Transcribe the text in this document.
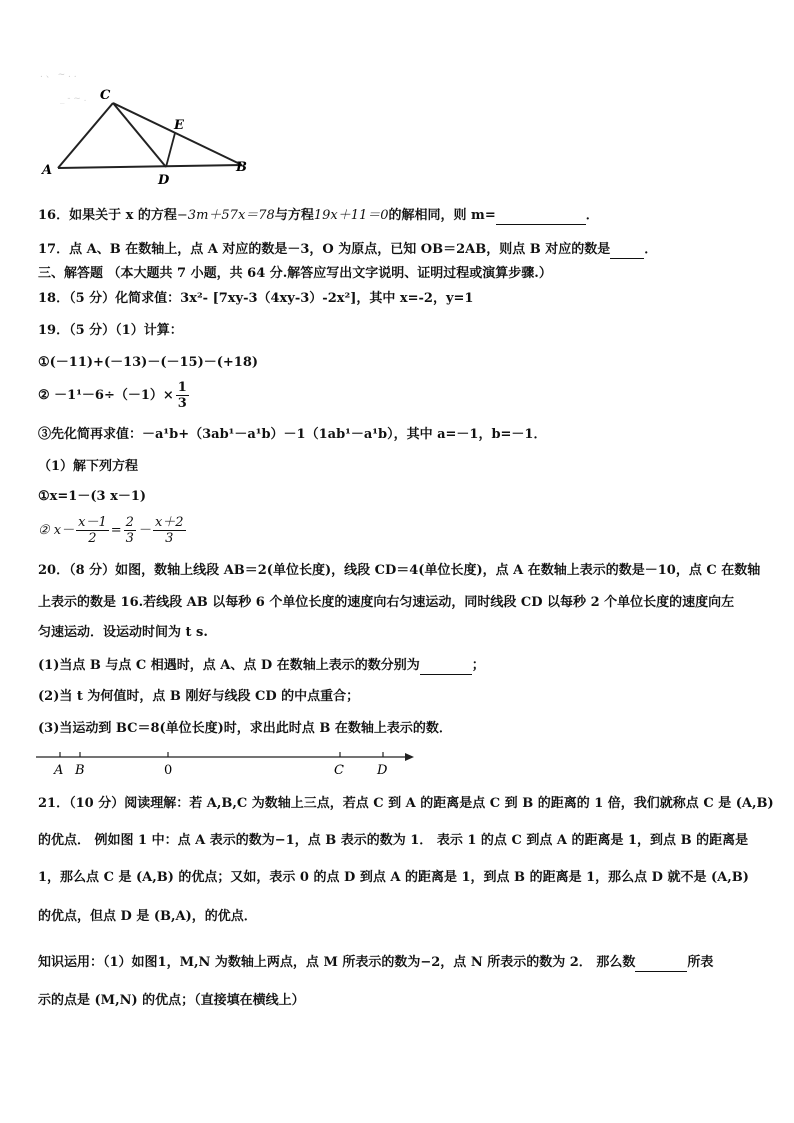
. 、 ~ . .
_ - ~ . C
E
A
D
B
16．如果关于 x 的方程−3m＋57x＝78与方程19x＋11＝0的解相同，则 m=	．
17．点 A、B 在数轴上，点 A 对应的数是－3，O 为原点，已知 OB＝2AB，则点 B 对应的数是	．
三、解答题 （本大题共 7 小题，共 64 分.解答应写出文字说明、证明过程或演算步骤.）
18．（5 分）化简求值：3x²- [7xy-3（4xy-3）-2x²]，其中 x=-2，y=1
19．（5 分）（1）计算：
①(－11)+(－13)－(－15)－(+18)
② $-1^1-6\div(-1)\times \frac{1}{3}$
③先化简再求值：－a¹b+（3ab¹－a¹b）－1（1ab¹－a¹b），其中 a=－1，b=－1．
（1）解下列方程
①x=1－(3 x－1)
② $x- \frac{x-1}{2} = \frac{2}{3} - \frac{x+2}{3}$
20．（8 分）如图，数轴上线段 AB＝2(单位长度)，线段 CD＝4(单位长度)，点 A 在数轴上表示的数是－10，点 C 在数轴
上表示的数是 16.若线段 AB 以每秒 6 个单位长度的速度向右匀速运动，同时线段 CD 以每秒 2 个单位长度的速度向左
匀速运动．设运动时间为 t s.
(1)当点 B 与点 C 相遇时，点 A、点 D 在数轴上表示的数分别为	；
(2)当 t 为何值时，点 B 刚好与线段 CD 的中点重合；
(3)当运动到 BC＝8(单位长度)时，求出此时点 B 在数轴上表示的数．
A B	0	C	D
21．（10 分）阅读理解：若 A,B,C 为数轴上三点，若点 C 到 A 的距离是点 C 到 B 的距离的 1 倍，我们就称点 C 是 (A,B)
的优点． 例如图 1 中：点 A 表示的数为−1，点 B 表示的数为 1． 表示 1 的点 C 到点 A 的距离是 1，到点 B 的距离是
1，那么点 C 是 (A,B) 的优点；又如，表示 0 的点 D 到点 A 的距离是 1，到点 B 的距离是 1，那么点 D 就不是 (A,B)
的优点，但点 D 是 (B,A)，的优点．
知识运用：（1）如图1，M,N 为数轴上两点，点 M 所表示的数为−2，点 N 所表示的数为 2． 那么数	所表
示的点是 (M,N) 的优点；（直接填在横线上）
